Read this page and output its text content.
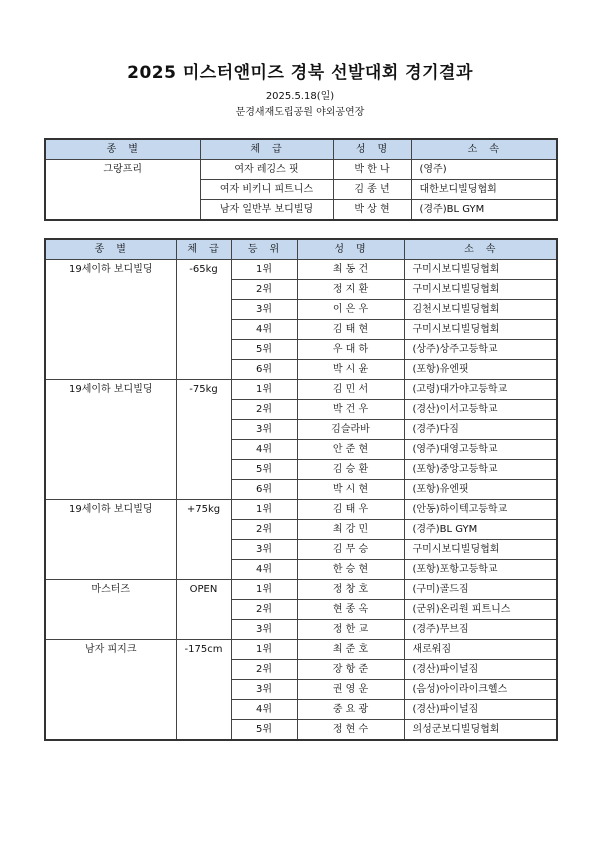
2025 미스터앤미즈 경북 선발대회 경기결과
2025.5.18(일)
문경새재도립공원 야외공연장
종　별	체　급	성　명	소　속
그랑프리	여자 레깅스 핏	박 한 나	(영주)
	여자 비키니 피트니스	김 종 년	대한보디빌딩협회
	남자 일반부 보디빌딩	박 상 현	(경주)BL GYM
종　별	체　급	등　위	성　명	소　속
19세이하 보디빌딩	-65kg	1위	최 동 건	구미시보디빌딩협회
		2위	정 지 환	구미시보디빌딩협회
		3위	이 은 우	김천시보디빌딩협회
		4위	김 태 현	구미시보디빌딩협회
		5위	우 대 하	(상주)상주고등학교
		6위	박 시 윤	(포항)유엔핏
19세이하 보디빌딩	-75kg	1위	김 민 서	(고령)대가야고등학교
		2위	박 건 우	(경산)이서고등학교
		3위	김슬라바	(경주)다짐
		4위	안 준 현	(영주)대영고등학교
		5위	김 승 환	(포항)중앙고등학교
		6위	박 시 현	(포항)유엔핏
19세이하 보디빌딩	+75kg	1위	김 태 우	(안동)하이텍고등학교
		2위	최 강 민	(경주)BL GYM
		3위	김 무 승	구미시보디빌딩협회
		4위	한 승 현	(포항)포항고등학교
마스터즈	OPEN	1위	정 창 호	(구미)골드짐
		2위	현 종 옥	(군위)온리원 피트니스
		3위	정 한 교	(경주)무브짐
남자 피지크	-175cm	1위	최 준 호	새로워짐
		2위	장 항 준	(경산)파이널짐
		3위	권 영 운	(음성)아이라이크헬스
		4위	중 요 광	(경산)파이널짐
		5위	정 현 수	의성군보디빌딩협회
